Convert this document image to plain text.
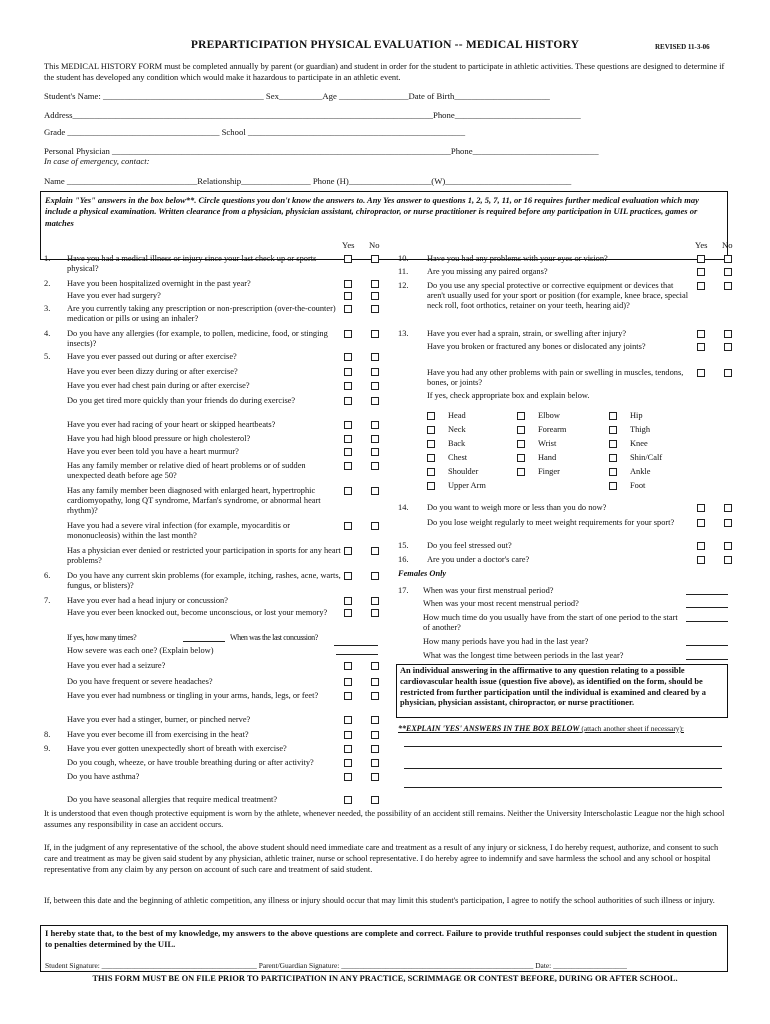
PREPARTICIPATION PHYSICAL EVALUATION -- MEDICAL HISTORY	REVISED 11-3-06
This MEDICAL HISTORY FORM must be completed annually by parent (or guardian) and student in order for the student to participate in athletic activities. These questions are designed to determine if the student has developed any condition which would make it hazardous to participate in an athletic event.
Student's Name: _____________________________________ Sex__________Age ________________Date of Birth______________________
Address___________________________________________________________________________________Phone_____________________________
Grade ___________________________________ School __________________________________________________
Personal Physician ______________________________________________________________________________Phone_____________________________
In case of emergency, contact:
Name ______________________________Relationship________________ Phone (H)___________________(W)_____________________________
Explain "Yes" answers in the box below**. Circle questions you don't know the answers to. Any Yes answer to questions 1, 2, 5, 7, 11, or 16 requires further medical evaluation which may include a physical examination. Written clearance from a physician, physician assistant, chiropractor, or nurse practitioner is required before any participation in UIL practices, games or matches
Yes No	Yes No
If yes, how many times?	When was the last concussion?
An individual answering in the affirmative to any question relating to a possible cardiovascular health issue (question five above), as identified on the form, should be restricted from further participation until the individual is examined and cleared by a physician, physician assistant, chiropractor, or nurse practitioner.
**EXPLAIN 'YES' ANSWERS IN THE BOX BELOW (attach another sheet if necessary):
It is understood that even though protective equipment is worn by the athlete, whenever needed, the possibility of an accident still remains. Neither the University Interscholastic League nor the high school assumes any responsibility in case an accident occurs.
If, in the judgment of any representative of the school, the above student should need immediate care and treatment as a result of any injury or sickness, I do hereby request, authorize, and consent to such care and treatment as may be given said student by any physician, athletic trainer, nurse or school representative. I do hereby agree to indemnify and save harmless the school and any school or hospital representative from any claim by any person on account of such care and treatment of said student.
If, between this date and the beginning of athletic competition, any illness or injury should occur that may limit this student's participation, I agree to notify the school authorities of such illness or injury.
I hereby state that, to the best of my knowledge, my answers to the above questions are complete and correct. Failure to provide truthful responses could subject the student in question to penalties determined by the UIL.
Student Signature: __________________________________________ Parent/Guardian Signature: ____________________________________________________ Date: ____________________
THIS FORM MUST BE ON FILE PRIOR TO PARTICIPATION IN ANY PRACTICE, SCRIMMAGE OR CONTEST BEFORE, DURING OR AFTER SCHOOL.
1. Have you had a medical illness or injury since your last check up or sports physical?
2. Have you been hospitalized overnight in the past year?
Have you ever had surgery?
3. Are you currently taking any prescription or non-prescription (over-the-counter) medication or pills or using an inhaler?
4. Do you have any allergies (for example, to pollen, medicine, food, or stinging insects)?
5. Have you ever passed out during or after exercise?
Have you ever been dizzy during or after exercise?
Have you ever had chest pain during or after exercise?
Do you get tired more quickly than your friends do during exercise?
Have you ever had racing of your heart or skipped heartbeats?
Have you had high blood pressure or high cholesterol?
Have you ever been told you have a heart murmur?
Has any family member or relative died of heart problems or of sudden unexpected death before age 50?
Has any family member been diagnosed with enlarged heart, hypertrophic cardiomyopathy, long QT syndrome, Marfan's syndrome, or abnormal heart rhythm)?
Have you had a severe viral infection (for example, myocarditis or mononucleosis) within the last month?
Has a physician ever denied or restricted your participation in sports for any heart problems?
6. Do you have any current skin problems (for example, itching, rashes, acne, warts, fungus, or blisters)?
7. Have you ever had a head injury or concussion?
Have you ever been knocked out, become unconscious, or lost your memory?
How severe was each one? (Explain below)
Have you ever had a seizure?
Do you have frequent or severe headaches?
Have you ever had numbness or tingling in your arms, hands, legs, or feet?
Have you ever had a stinger, burner, or pinched nerve?
8. Have you ever become ill from exercising in the heat?
9. Have you ever gotten unexpectedly short of breath with exercise?
Do you cough, wheeze, or have trouble breathing during or after activity?
Do you have asthma?
Do you have seasonal allergies that require medical treatment?
10. Have you had any problems with your eyes or vision?
11. Are you missing any paired organs?
12. Do you use any special protective or corrective equipment or devices that aren't usually used for your sport or position (for example, knee brace, special neck roll, foot orthotics, retainer on your teeth, hearing aid)?
13. Have you ever had a sprain, strain, or swelling after injury?
Have you broken or fractured any bones or dislocated any joints?
Have you had any other problems with pain or swelling in muscles, tendons, bones, or joints?
If yes, check appropriate box and explain below.
Head	Elbow	Hip
Neck	Forearm	Thigh
Back	Wrist	Knee
Chest	Hand	Shin/Calf
Shoulder	Finger	Ankle
Upper Arm	Foot
14. Do you want to weigh more or less than you do now?
Do you lose weight regularly to meet weight requirements for your sport?
15. Do you feel stressed out?
16. Are you under a doctor's care?
Females Only
17. When was your first menstrual period?
When was your most recent menstrual period?
How much time do you usually have from the start of one period to the start of another?
How many periods have you had in the last year?
What was the longest time between periods in the last year?
